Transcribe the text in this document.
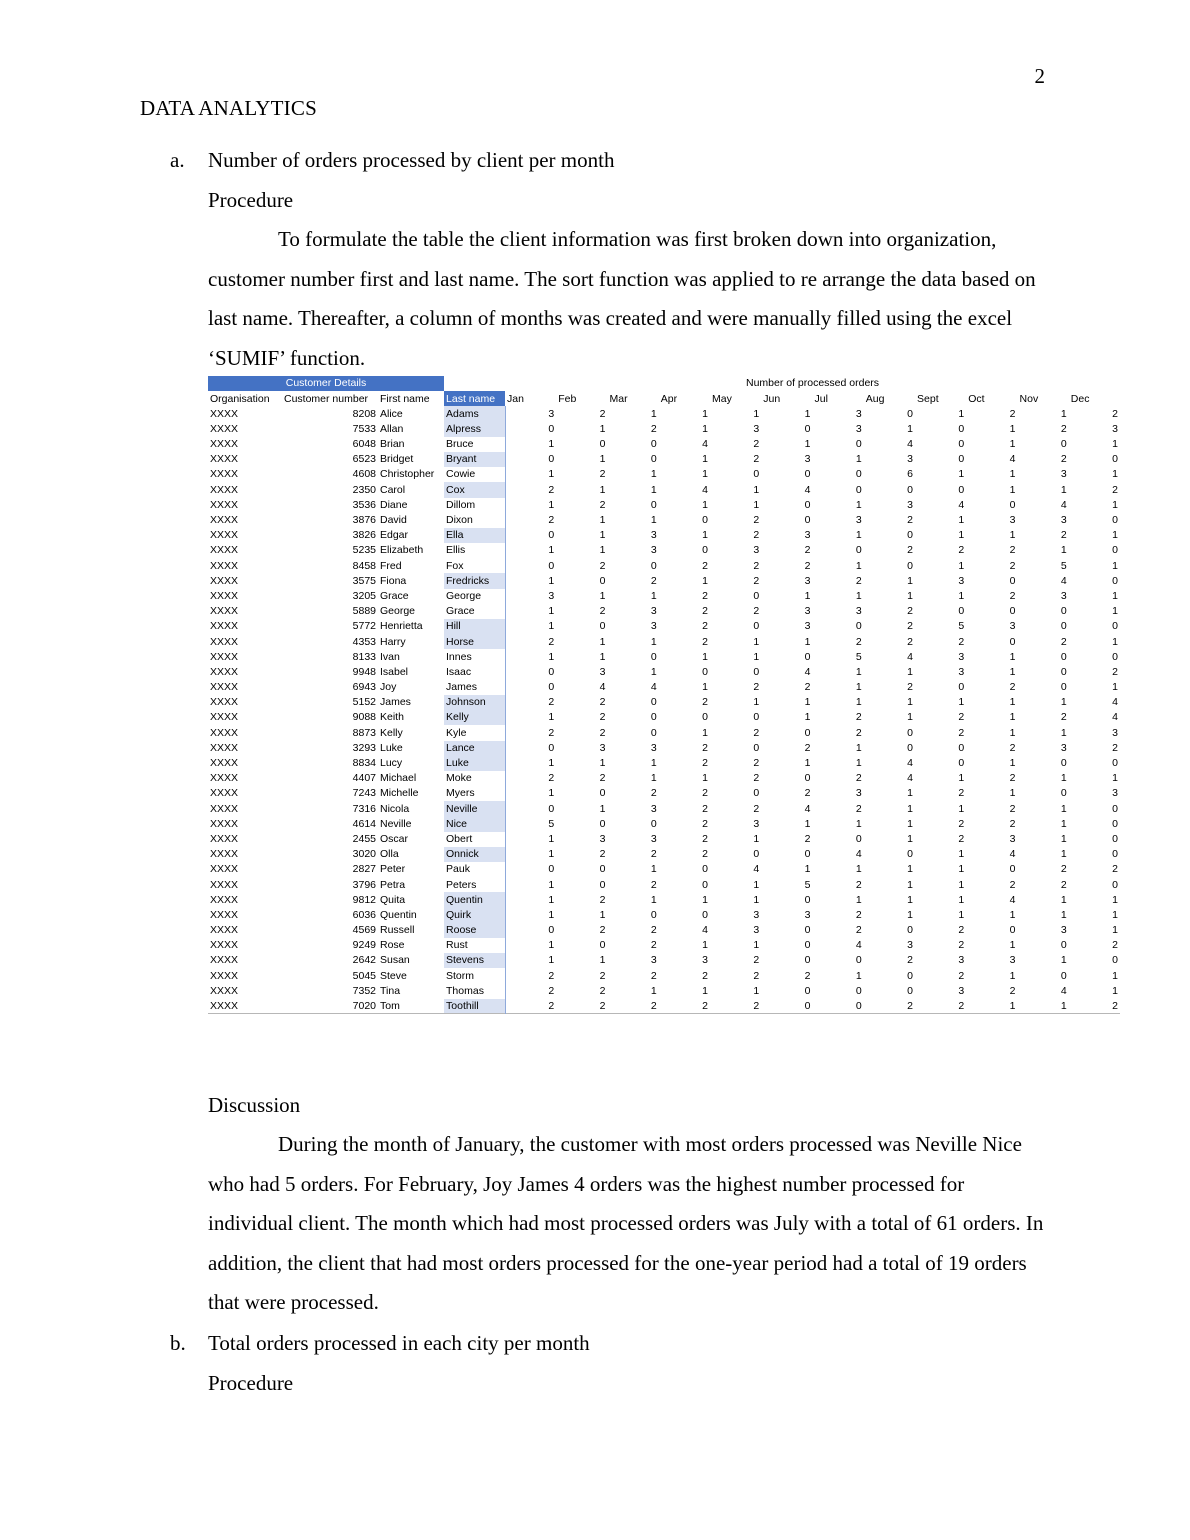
2
DATA ANALYTICS
a.	Number of orders processed by client per month
Procedure
To formulate the table the client information was first broken down into organization, customer number first and last name. The sort function was applied to re arrange the data based on last name. Thereafter, a column of months was created and were manually filled using the excel ‘SUMIF’ function.
Customer Details				Number of processed orders											
Organisation	Customer number	First name	Last name	Jan	Feb	Mar	Apr	May	Jun	Jul	Aug	Sept	Oct	Nov	Dec
XXXX	8208	Alice	Adams	3	2	1	1	1	1	3	0	1	2	1	2
XXXX	7533	Allan	Alpress	0	1	2	1	3	0	3	1	0	1	2	3
XXXX	6048	Brian	Bruce	1	0	0	4	2	1	0	4	0	1	0	1
XXXX	6523	Bridget	Bryant	0	1	0	1	2	3	1	3	0	4	2	0
XXXX	4608	Christopher	Cowie	1	2	1	1	0	0	0	6	1	1	3	1
XXXX	2350	Carol	Cox	2	1	1	4	1	4	0	0	0	1	1	2
XXXX	3536	Diane	Dillom	1	2	0	1	1	0	1	3	4	0	4	1
XXXX	3876	David	Dixon	2	1	1	0	2	0	3	2	1	3	3	0
XXXX	3826	Edgar	Ella	0	1	3	1	2	3	1	0	1	1	2	1
XXXX	5235	Elizabeth	Ellis	1	1	3	0	3	2	0	2	2	2	1	0
XXXX	8458	Fred	Fox	0	2	0	2	2	2	1	0	1	2	5	1
XXXX	3575	Fiona	Fredricks	1	0	2	1	2	3	2	1	3	0	4	0
XXXX	3205	Grace	George	3	1	1	2	0	1	1	1	1	2	3	1
XXXX	5889	George	Grace	1	2	3	2	2	3	3	2	0	0	0	1
XXXX	5772	Henrietta	Hill	1	0	3	2	0	3	0	2	5	3	0	0
XXXX	4353	Harry	Horse	2	1	1	2	1	1	2	2	2	0	2	1
XXXX	8133	Ivan	Innes	1	1	0	1	1	0	5	4	3	1	0	0
XXXX	9948	Isabel	Isaac	0	3	1	0	0	4	1	1	3	1	0	2
XXXX	6943	Joy	James	0	4	4	1	2	2	1	2	0	2	0	1
XXXX	5152	James	Johnson	2	2	0	2	1	1	1	1	1	1	1	4
XXXX	9088	Keith	Kelly	1	2	0	0	0	1	2	1	2	1	2	4
XXXX	8873	Kelly	Kyle	2	2	0	1	2	0	2	0	2	1	1	3
XXXX	3293	Luke	Lance	0	3	3	2	0	2	1	0	0	2	3	2
XXXX	8834	Lucy	Luke	1	1	1	2	2	1	1	4	0	1	0	0
XXXX	4407	Michael	Moke	2	2	1	1	2	0	2	4	1	2	1	1
XXXX	7243	Michelle	Myers	1	0	2	2	0	2	3	1	2	1	0	3
XXXX	7316	Nicola	Neville	0	1	3	2	2	4	2	1	1	2	1	0
XXXX	4614	Neville	Nice	5	0	0	2	3	1	1	1	2	2	1	0
XXXX	2455	Oscar	Obert	1	3	3	2	1	2	0	1	2	3	1	0
XXXX	3020	Olla	Onnick	1	2	2	2	0	0	4	0	1	4	1	0
XXXX	2827	Peter	Pauk	0	0	1	0	4	1	1	1	1	0	2	2
XXXX	3796	Petra	Peters	1	0	2	0	1	5	2	1	1	2	2	0
XXXX	9812	Quita	Quentin	1	2	1	1	1	0	1	1	1	4	1	1
XXXX	6036	Quentin	Quirk	1	1	0	0	3	3	2	1	1	1	1	1
XXXX	4569	Russell	Roose	0	2	2	4	3	0	2	0	2	0	3	1
XXXX	9249	Rose	Rust	1	0	2	1	1	0	4	3	2	1	0	2
XXXX	2642	Susan	Stevens	1	1	3	3	2	0	0	2	3	3	1	0
XXXX	5045	Steve	Storm	2	2	2	2	2	2	1	0	2	1	0	1
XXXX	7352	Tina	Thomas	2	2	1	1	1	0	0	0	3	2	4	1
XXXX	7020	Tom	Toothill	2	2	2	2	2	0	0	2	2	1	1	2
Discussion
During the month of January, the customer with most orders processed was Neville Nice who had 5 orders. For February, Joy James 4 orders was the highest number processed for individual client. The month which had most processed orders was July with a total of 61 orders. In addition, the client that had most orders processed for the one-year period had a total of 19 orders that were processed.
b.	Total orders processed in each city per month
Procedure
